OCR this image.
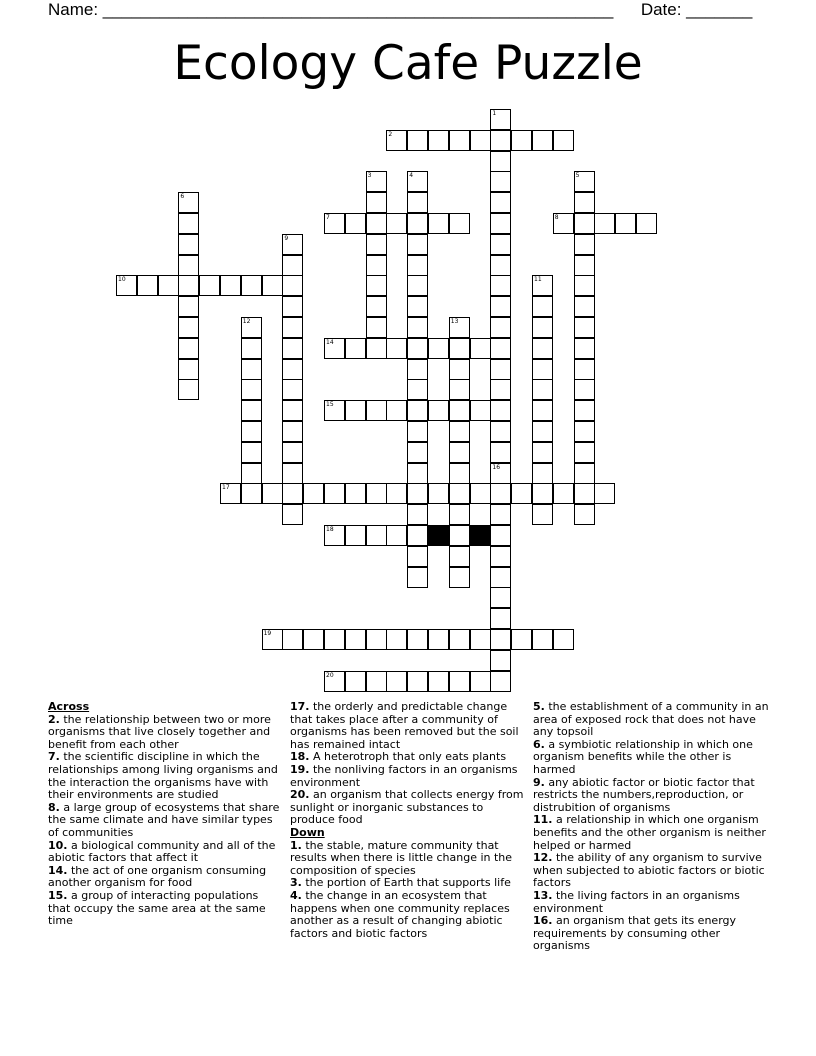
Name: ______________________________________________________ Date: _______
Ecology Cafe Puzzle
1
16
2
3	4	5
6
7	8
9
10	11
12	13
14
15
17
18
19
20
Across
2. the relationship between two or more organisms that live closely together and benefit from each other
7. the scientific discipline in which the relationships among living organisms and the interaction the organisms have with their environments are studied
8. a large group of ecosystems that share the same climate and have similar types of communities
10. a biological community and all of the abiotic factors that affect it
14. the act of one organism consuming another organism for food
15. a group of interacting populations that occupy the same area at the same time
17. the orderly and predictable change that takes place after a community of organisms has been removed but the soil has remained intact
18. A heterotroph that only eats plants
19. the nonliving factors in an organisms environment
20. an organism that collects energy from sunlight or inorganic substances to produce food
Down
1. the stable, mature community that results when there is little change in the composition of species
3. the portion of Earth that supports life
4. the change in an ecosystem that happens when one community replaces another as a result of changing abiotic factors and biotic factors
5. the establishment of a community in an area of exposed rock that does not have any topsoil
6. a symbiotic relationship in which one organism benefits while the other is harmed
9. any abiotic factor or biotic factor that restricts the numbers,reproduction, or distrubition of organisms
11. a relationship in which one organism benefits and the other organism is neither helped or harmed
12. the ability of any organism to survive when subjected to abiotic factors or biotic factors
13. the living factors in an organisms environment
16. an organism that gets its energy requirements by consuming other organisms
